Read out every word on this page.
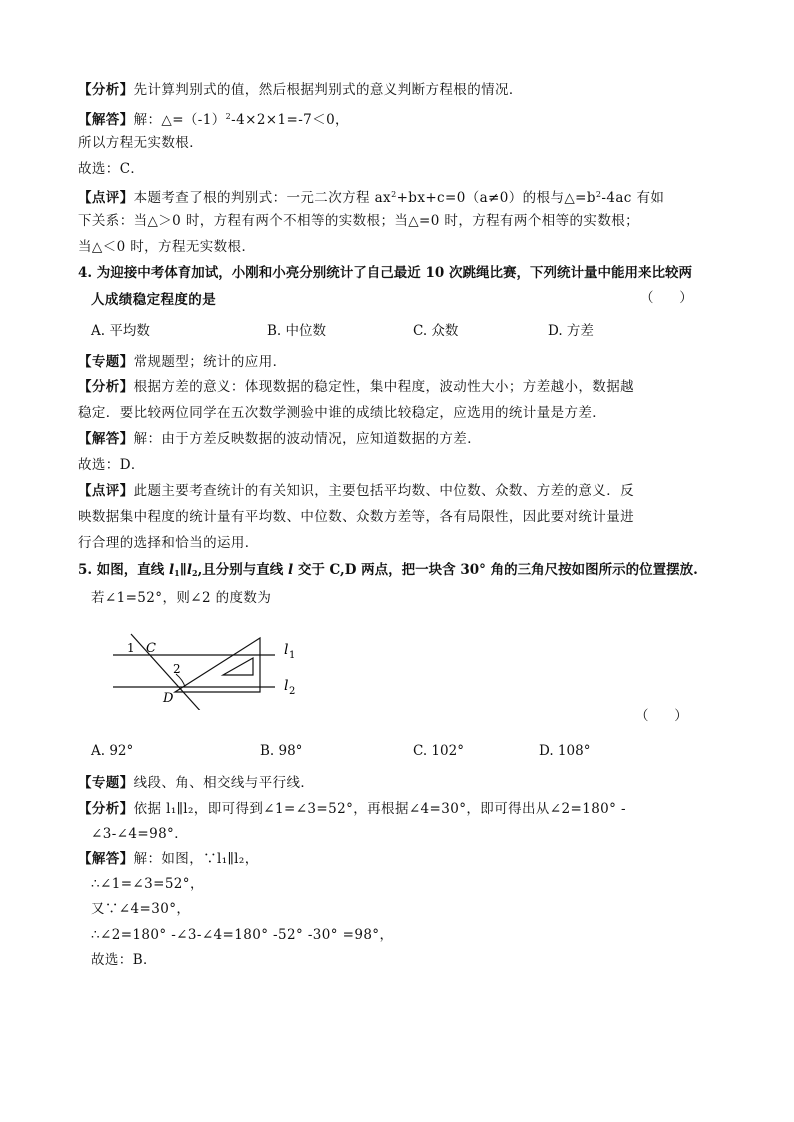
【分析】先计算判别式的值，然后根据判别式的意义判断方程根的情况．
【解答】解：$\triangle=(-1)^2-4\times 2\times 1=-7<0$，
所以方程无实数根．
故选：C．
【点评】本题考查了根的判别式：一元二次方程 $ax^2+bx+c=0(a\ne 0)$的根与$\triangle=b^2-4ac$ 有如
下关系：当△＞0 时，方程有两个不相等的实数根；当△=0 时，方程有两个相等的实数根；
当△＜0 时，方程无实数根．
4. 为迎接中考体育加试，小刚和小亮分别统计了自己最近 10 次跳绳比赛，下列统计量中能用来比较两
人成绩稳定程度的是	（      ）
A. 平均数	B. 中位数	C. 众数	D. 方差
【专题】常规题型；统计的应用．
【分析】根据方差的意义：体现数据的稳定性，集中程度，波动性大小；方差越小，数据越
稳定．要比较两位同学在五次数学测验中谁的成绩比较稳定，应选用的统计量是方差．
【解答】解：由于方差反映数据的波动情况，应知道数据的方差．
故选：D．
【点评】此题主要考查统计的有关知识，主要包括平均数、中位数、众数、方差的意义．反
映数据集中程度的统计量有平均数、中位数、众数方差等，各有局限性，因此要对统计量进
行合理的选择和恰当的运用．
5. 如图，直线 $l_1\parallel l_2$,且分别与直线 l 交于 C,D 两点，把一块含 30° 角的三角尺按如图所示的位置摆放.
若∠1=52°，则∠2 的度数为
1 C
2
D
l 1
l 2
（      ）
A. 92°	B. 98°	C. 102°	D. 108°
【专题】线段、角、相交线与平行线．
【分析】依据 l₁∥l₂，即可得到∠1=∠3=52°，再根据∠4=30°，即可得出从∠2=180° -
∠3-∠4=98°．
【解答】解：如图，∵l₁∥l₂，
∴∠1=∠3=52°，
又∵∠4=30°，
∴∠2=180° -∠3-∠4=180° -52° -30° =98°，
故选：B．
